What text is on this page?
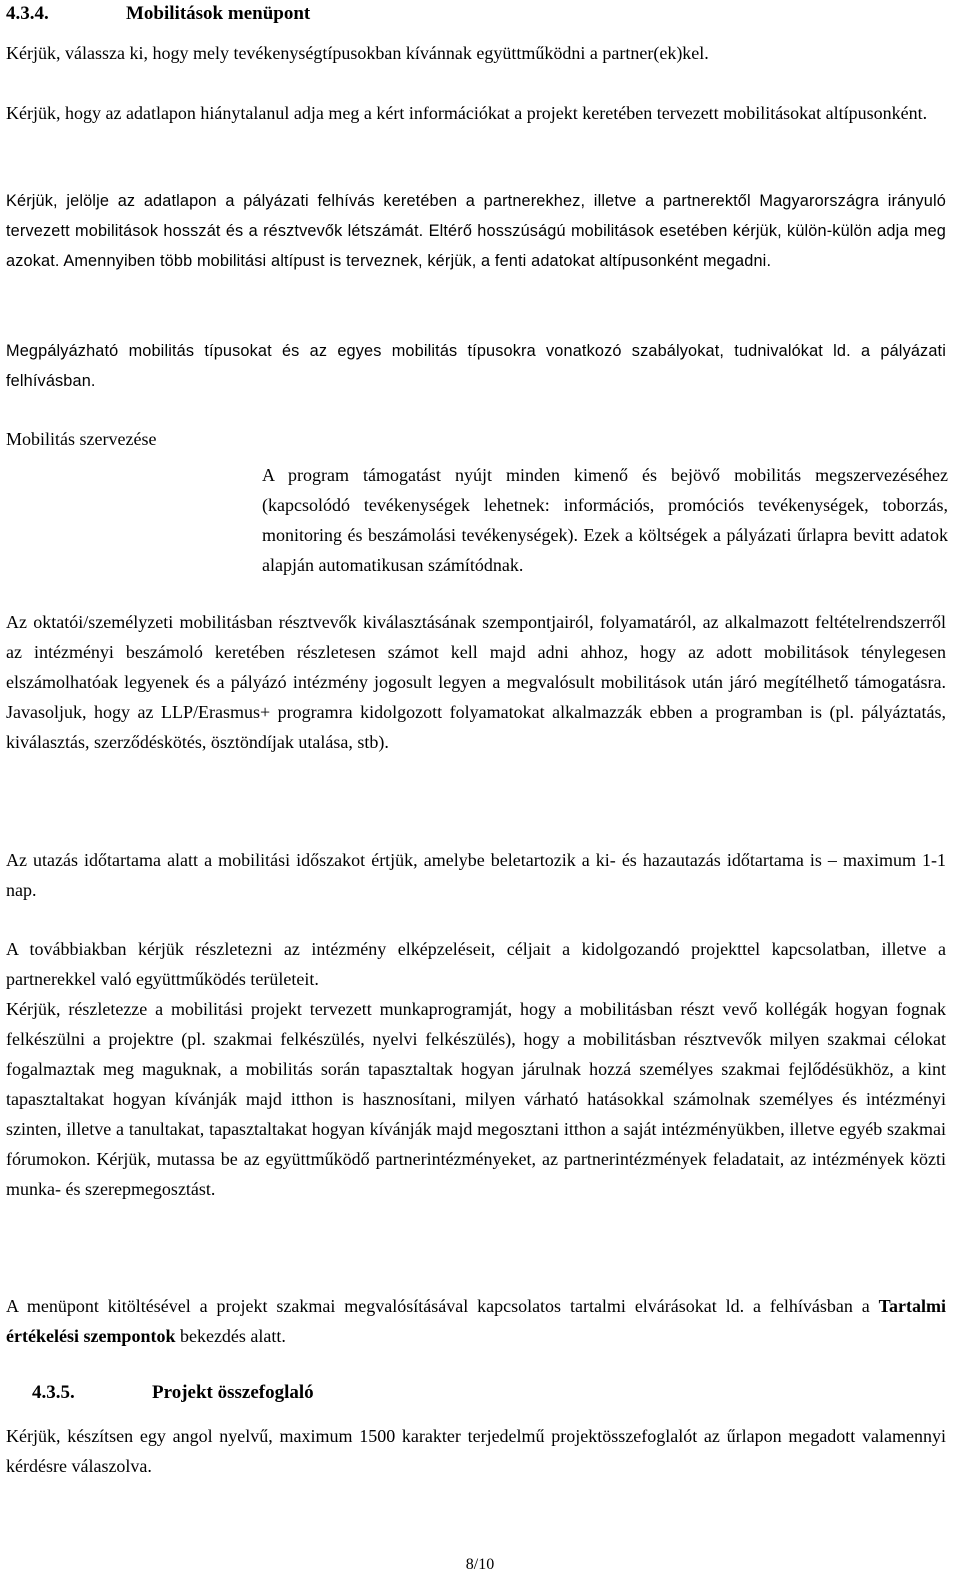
4.3.4.	Mobilitások menüpont

Kérjük, válassza ki, hogy mely tevékenységtípusokban kívánnak együttműködni a partner(ek)kel.

Kérjük, hogy az adatlapon hiánytalanul adja meg a kért információkat a projekt keretében tervezett mobilitásokat altípusonként.

Kérjük, jelölje az adatlapon a pályázati felhívás keretében a partnerekhez, illetve a partnerektől Magyarországra irányuló tervezett mobilitások hosszát és a résztvevők létszámát. Eltérő hosszúságú mobilitások esetében kérjük, külön-külön adja meg azokat. Amennyiben több mobilitási altípust is terveznek, kérjük, a fenti adatokat altípusonként megadni.

Megpályázható mobilitás típusokat és az egyes mobilitás típusokra vonatkozó szabályokat, tudnivalókat ld. a pályázati felhívásban.

Mobilitás szervezése

A program támogatást nyújt minden kimenő és bejövő mobilitás megszervezéséhez (kapcsolódó tevékenységek lehetnek: információs, promóciós tevékenységek, toborzás, monitoring és beszámolási tevékenységek). Ezek a költségek a pályázati űrlapra bevitt adatok alapján automatikusan számítódnak.

Az oktatói/személyzeti mobilitásban résztvevők kiválasztásának szempontjairól, folyamatáról, az alkalmazott feltételrendszerről az intézményi beszámoló keretében részletesen számot kell majd adni ahhoz, hogy az adott mobilitások ténylegesen elszámolhatóak legyenek és a pályázó intézmény jogosult legyen a megvalósult mobilitások után járó megítélhető támogatásra. Javasoljuk, hogy az LLP/Erasmus+ programra kidolgozott folyamatokat alkalmazzák ebben a programban is (pl. pályáztatás, kiválasztás, szerződéskötés, ösztöndíjak utalása, stb).

Az utazás időtartama alatt a mobilitási időszakot értjük, amelybe beletartozik a ki- és hazautazás időtartama is – maximum 1-1 nap.

A továbbiakban kérjük részletezni az intézmény elképzeléseit, céljait a kidolgozandó projekttel kapcsolatban, illetve a partnerekkel való együttműködés területeit.

Kérjük, részletezze a mobilitási projekt tervezett munkaprogramját, hogy a mobilitásban részt vevő kollégák hogyan fognak felkészülni a projektre (pl. szakmai felkészülés, nyelvi felkészülés), hogy a mobilitásban résztvevők milyen szakmai célokat fogalmaztak meg maguknak, a mobilitás során tapasztaltak hogyan járulnak hozzá személyes szakmai fejlődésükhöz, a kint tapasztaltakat hogyan kívánják majd itthon is hasznosítani, milyen várható hatásokkal számolnak személyes és intézményi szinten, illetve a tanultakat, tapasztaltakat hogyan kívánják majd megosztani itthon a saját intézményükben, illetve egyéb szakmai fórumokon. Kérjük, mutassa be az együttműködő partnerintézményeket, az partnerintézmények feladatait, az intézmények közti munka- és szerepmegosztást.

A menüpont kitöltésével a projekt szakmai megvalósításával kapcsolatos tartalmi elvárásokat ld. a felhívásban a Tartalmi értékelési szempontok bekezdés alatt.

4.3.5.	Projekt összefoglaló

Kérjük, készítsen egy angol nyelvű, maximum 1500 karakter terjedelmű projektösszefoglalót az űrlapon megadott valamennyi kérdésre válaszolva.

8/10
